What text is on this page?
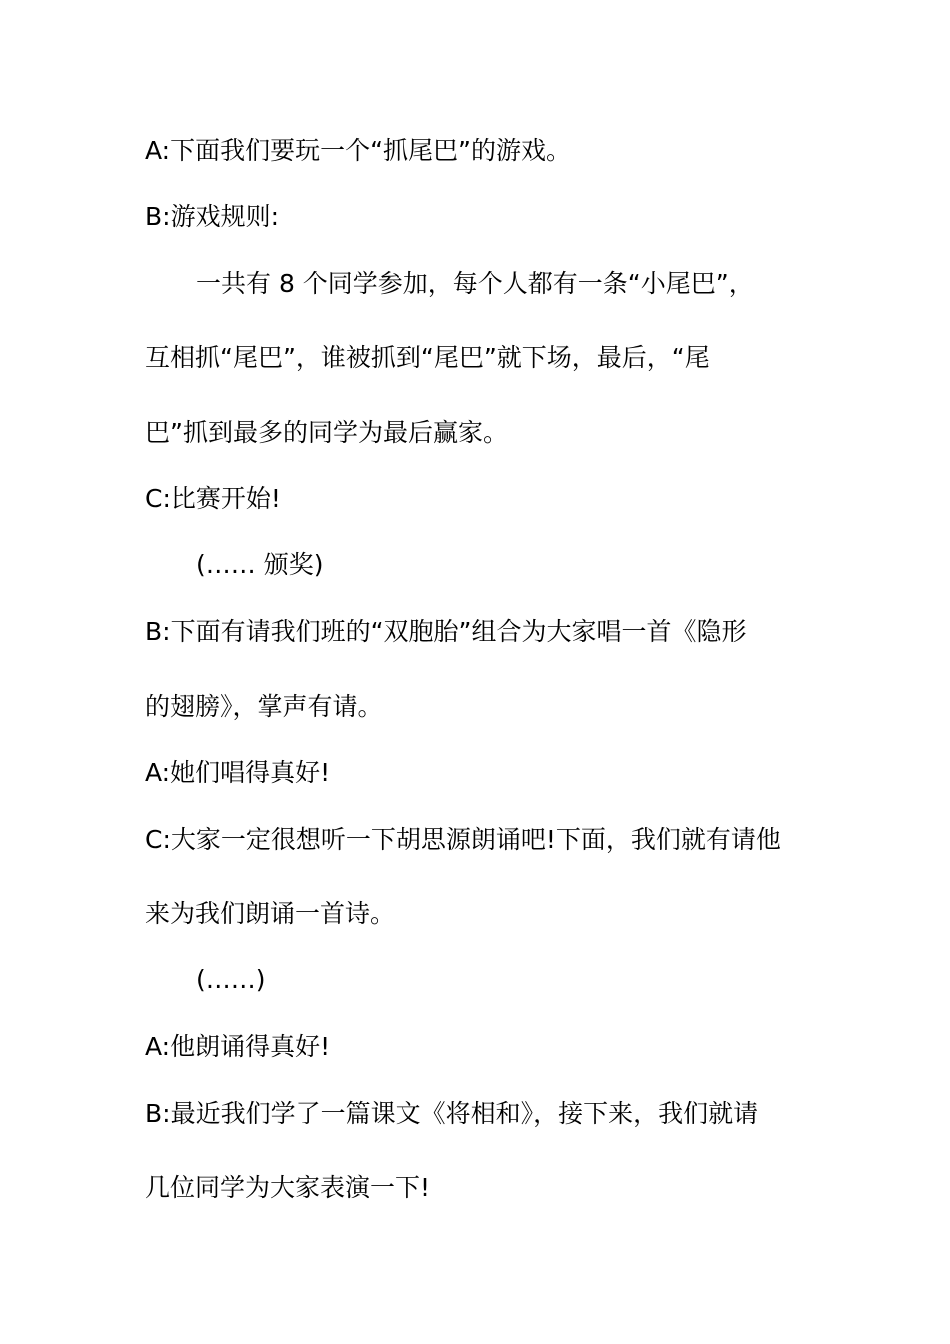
A:下面我们要玩一个“抓尾巴”的游戏。
B:游戏规则:
一共有 8 个同学参加，每个人都有一条“小尾巴”，
互相抓“尾巴”，谁被抓到“尾巴”就下场，最后，“尾
巴”抓到最多的同学为最后赢家。
C:比赛开始!
(…… 颁奖)
B:下面有请我们班的“双胞胎”组合为大家唱一首《隐形
的翅膀》，掌声有请。
A:她们唱得真好!
C:大家一定很想听一下胡思源朗诵吧!下面，我们就有请他
来为我们朗诵一首诗。
(……)
A:他朗诵得真好!
B:最近我们学了一篇课文《将相和》，接下来，我们就请
几位同学为大家表演一下!
